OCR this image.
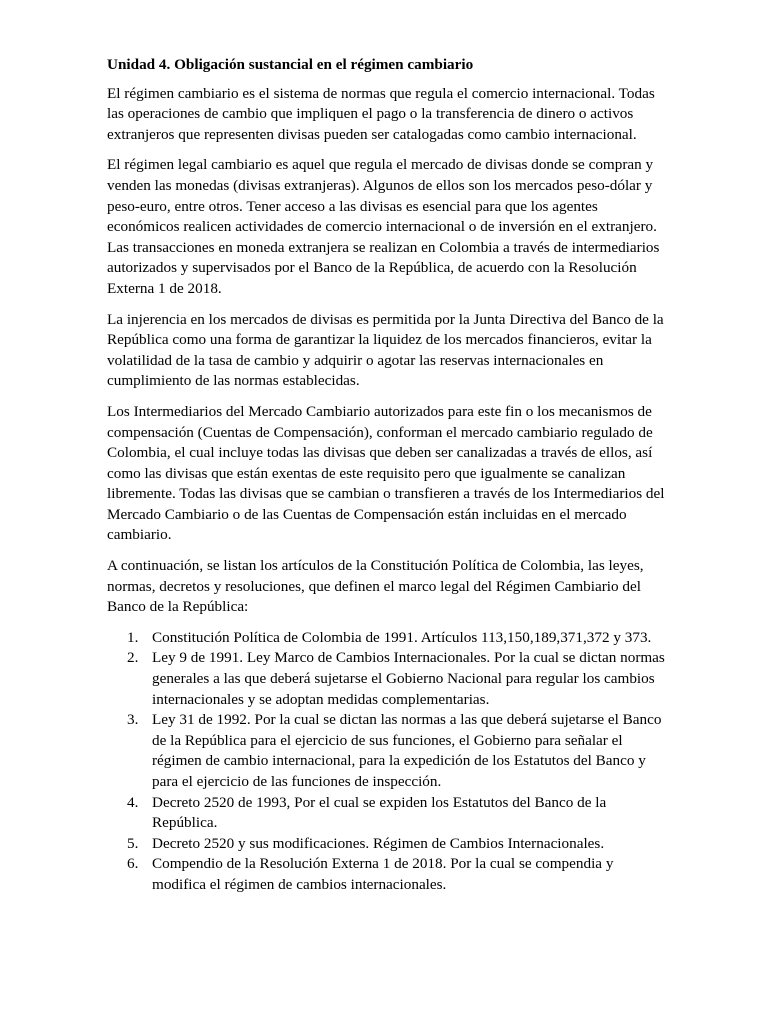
Unidad 4. Obligación sustancial en el régimen cambiario

El régimen cambiario es el sistema de normas que regula el comercio internacional. Todas las operaciones de cambio que impliquen el pago o la transferencia de dinero o activos extranjeros que representen divisas pueden ser catalogadas como cambio internacional.

El régimen legal cambiario es aquel que regula el mercado de divisas donde se compran y venden las monedas (divisas extranjeras). Algunos de ellos son los mercados peso-dólar y peso-euro, entre otros. Tener acceso a las divisas es esencial para que los agentes económicos realicen actividades de comercio internacional o de inversión en el extranjero. Las transacciones en moneda extranjera se realizan en Colombia a través de intermediarios autorizados y supervisados por el Banco de la República, de acuerdo con la Resolución Externa 1 de 2018.

La injerencia en los mercados de divisas es permitida por la Junta Directiva del Banco de la República como una forma de garantizar la liquidez de los mercados financieros, evitar la volatilidad de la tasa de cambio y adquirir o agotar las reservas internacionales en cumplimiento de las normas establecidas.

Los Intermediarios del Mercado Cambiario autorizados para este fin o los mecanismos de compensación (Cuentas de Compensación), conforman el mercado cambiario regulado de Colombia, el cual incluye todas las divisas que deben ser canalizadas a través de ellos, así como las divisas que están exentas de este requisito pero que igualmente se canalizan libremente. Todas las divisas que se cambian o transfieren a través de los Intermediarios del Mercado Cambiario o de las Cuentas de Compensación están incluidas en el mercado cambiario.

A continuación, se listan los artículos de la Constitución Política de Colombia, las leyes, normas, decretos y resoluciones, que definen el marco legal del Régimen Cambiario del Banco de la República:

1. Constitución Política de Colombia de 1991. Artículos 113,150,189,371,372 y 373.
2. Ley 9 de 1991. Ley Marco de Cambios Internacionales. Por la cual se dictan normas generales a las que deberá sujetarse el Gobierno Nacional para regular los cambios internacionales y se adoptan medidas complementarias.
3. Ley 31 de 1992. Por la cual se dictan las normas a las que deberá sujetarse el Banco de la República para el ejercicio de sus funciones, el Gobierno para señalar el régimen de cambio internacional, para la expedición de los Estatutos del Banco y para el ejercicio de las funciones de inspección.
4. Decreto 2520 de 1993, Por el cual se expiden los Estatutos del Banco de la República.
5. Decreto 2520 y sus modificaciones. Régimen de Cambios Internacionales.
6. Compendio de la Resolución Externa 1 de 2018. Por la cual se compendia y modifica el régimen de cambios internacionales.
